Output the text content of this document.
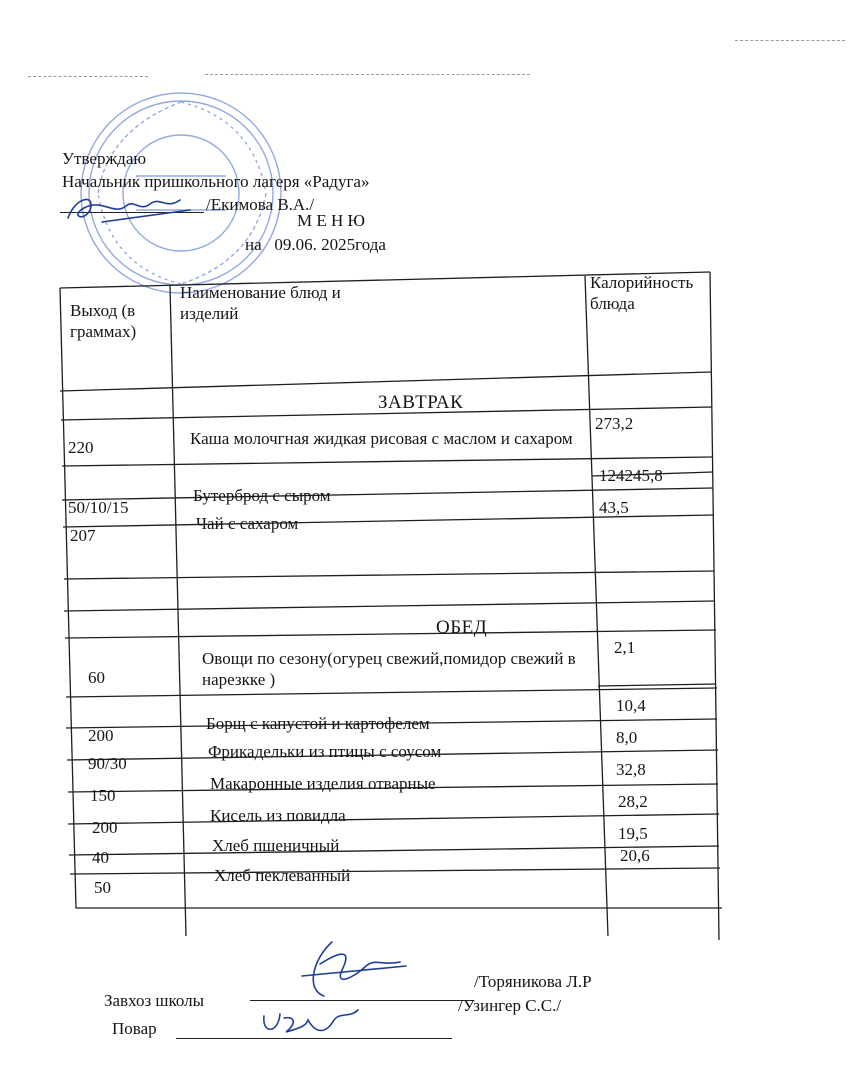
Утверждаю
Начальник пришкольного лагеря «Радуга»
/Екимова В.А./
М Е Н Ю
на   09.06. 2025года
Выход (в граммах)
Наименование блюд и изделий
Калорийность блюда
ЗАВТРАК
220	Каша молочгная жидкая рисовая с маслом и сахаром
273,2
124245,8
50/10/15
Бутерброд с сыром
43,5
207
Чай с сахаром
ОБЕД
60
Овощи по сезону(огурец свежий,помидор свежий в нарезкке )
2,1
200
Борщ с капустой и картофелем
10,4
90/30
Фрикадельки из птицы с соусом
8,0
150
Макаронные изделия отварные
32,8
200
Кисель из повидла
28,2
40
Хлеб пшеничный
19,5
50
Хлеб пеклеванный
20,6
Завхоз школы
/Торяникова Л.Р
Повар
/Узингер С.С./
